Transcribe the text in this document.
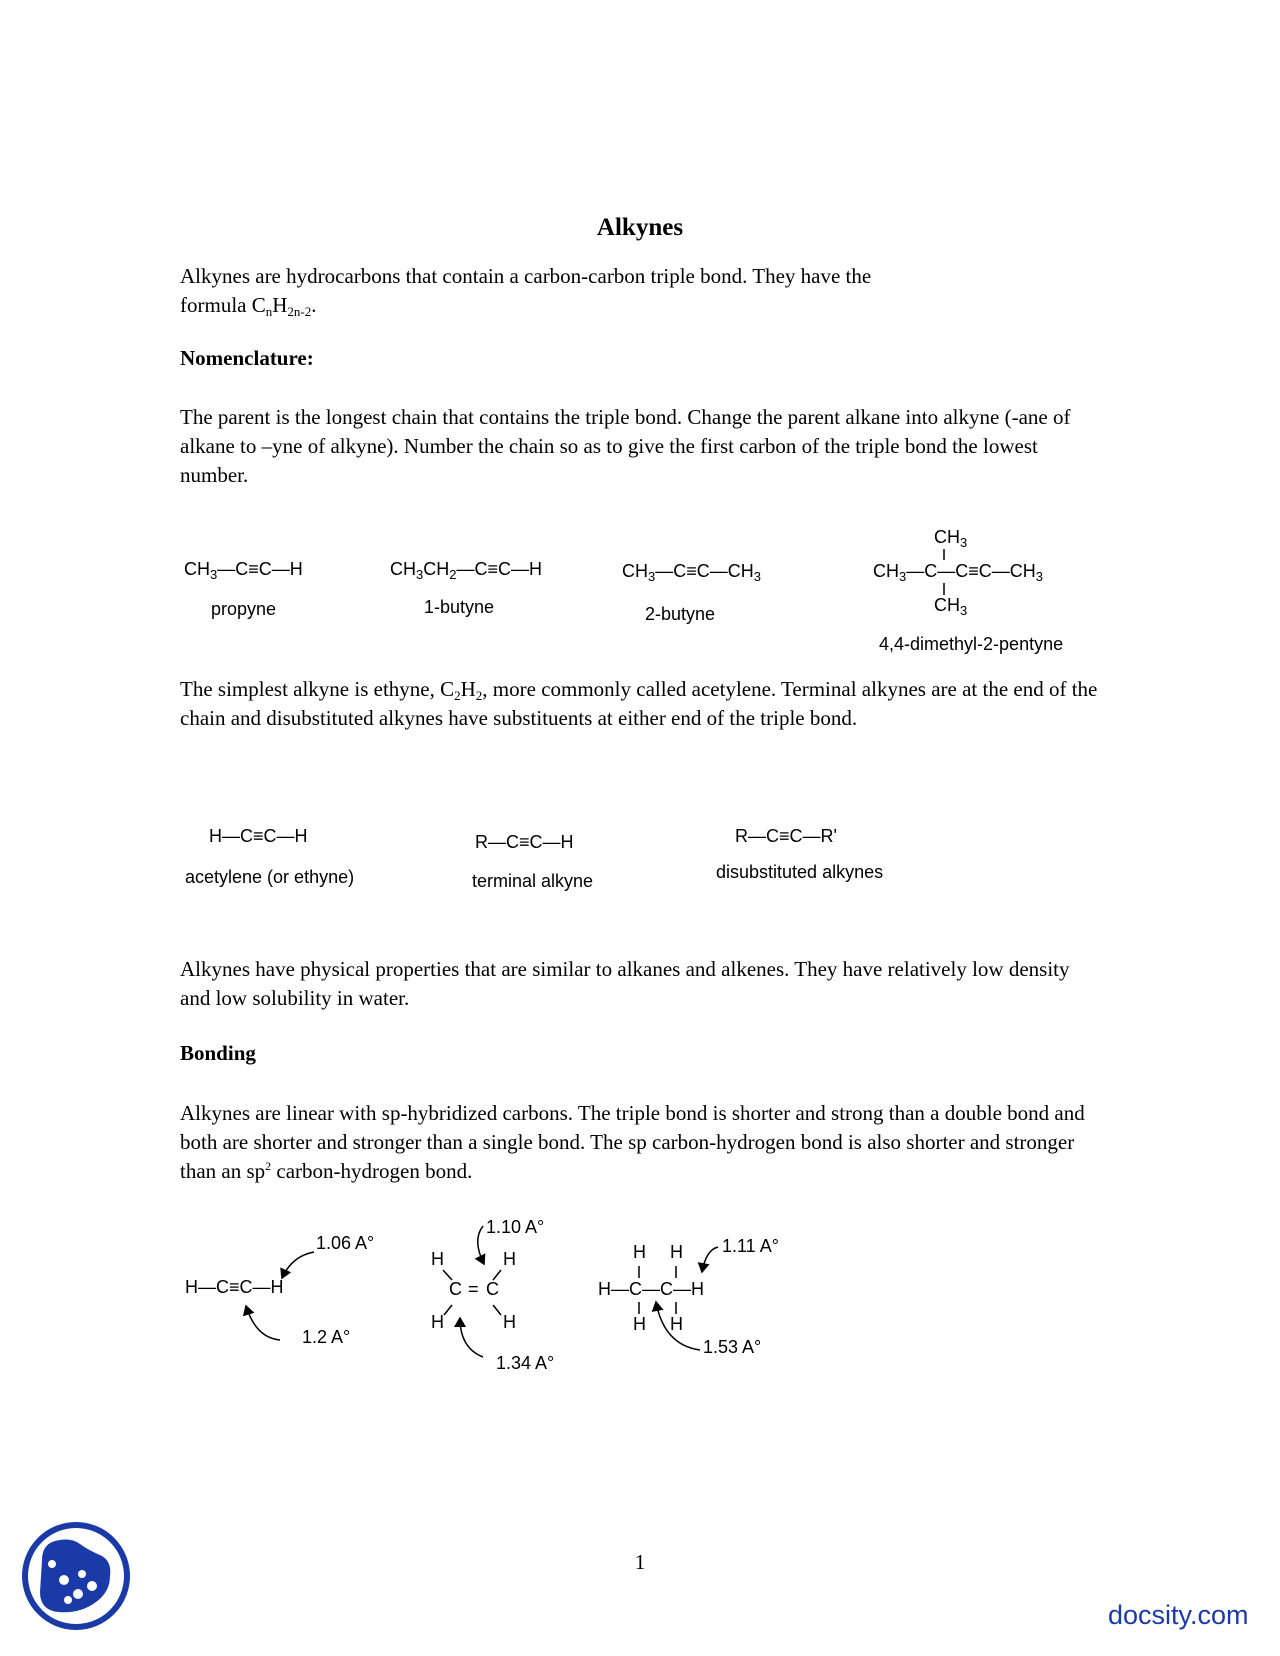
Alkynes
Alkynes are hydrocarbons that contain a carbon-carbon triple bond. They have the
formula $C_nH_{2n-2}$.
Nomenclature:

The parent is the longest chain that contains the triple bond. Change the parent alkane into alkyne (-ane of alkane to –yne of alkyne). Number the chain so as to give the first carbon of the triple bond the lowest number.

$CH_3—C\equiv C—H$
propyne
$CH_3CH_2—C\equiv C—H$
1-butyne
$CH_3—C\equiv C—CH_3$
2-butyne
$CH_3$
$CH_3—C—C\equiv C—CH_3$
$CH_3$
4,4-dimethyl-2-pentyne

The simplest alkyne is ethyne, $C_2H_2$, more commonly called acetylene. Terminal alkynes are at the end of the chain and disubstituted alkynes have substituents at either end of the triple bond.

H—C≡C—H
acetylene (or ethyne)
R—C≡C—H
terminal alkyne
R—C≡C—R'
disubstituted alkynes

Alkynes have physical properties that are similar to alkanes and alkenes. They have relatively low density and low solubility in water.

Bonding

Alkynes are linear with sp-hybridized carbons. The triple bond is shorter and strong than a double bond and both are shorter and stronger than a single bond. The sp carbon-hydrogen bond is also shorter and stronger than an $sp^2$ carbon-hydrogen bond.

H—C≡C—H
1.06 A°
1.2 A°
1.10 A°
H	H
C = C
H	H
1.34 A°
1.11 A°
H H
H—C—C—H
H H
1.53 A°
1
docsity.com
